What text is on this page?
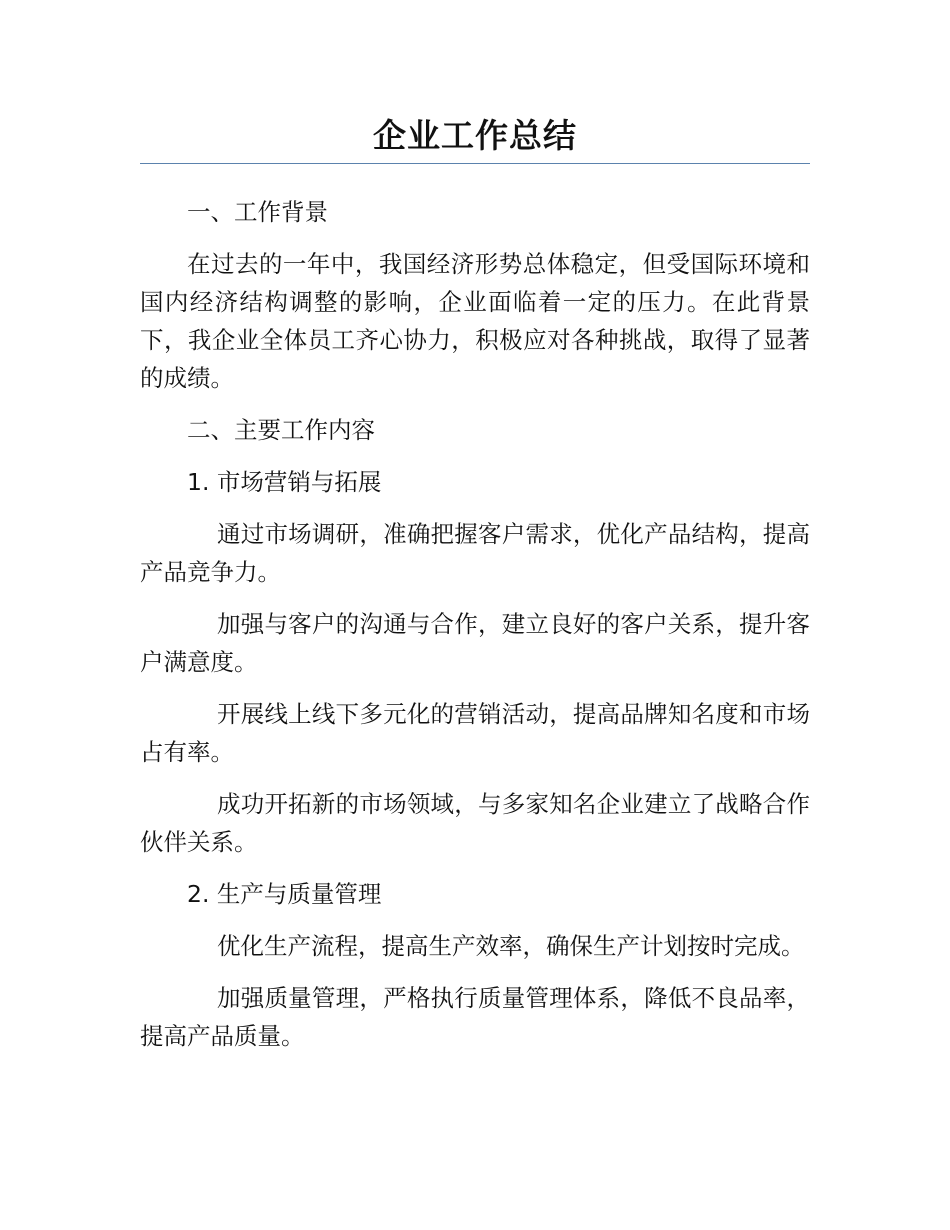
企业工作总结

一、工作背景

在过去的一年中，我国经济形势总体稳定，但受国际环境和国内经济结构调整的影响，企业面临着一定的压力。在此背景下，我企业全体员工齐心协力，积极应对各种挑战，取得了显著的成绩。

二、主要工作内容

1. 市场营销与拓展

通过市场调研，准确把握客户需求，优化产品结构，提高产品竞争力。

加强与客户的沟通与合作，建立良好的客户关系，提升客户满意度。

开展线上线下多元化的营销活动，提高品牌知名度和市场占有率。

成功开拓新的市场领域，与多家知名企业建立了战略合作伙伴关系。

2. 生产与质量管理

优化生产流程，提高生产效率，确保生产计划按时完成。

加强质量管理，严格执行质量管理体系，降低不良品率，提高产品质量。
